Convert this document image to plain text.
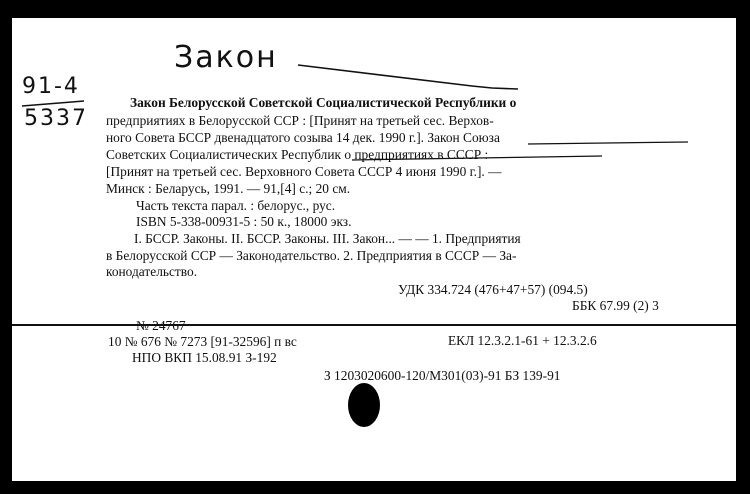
Закон
91-4
5337
Закон Белорусской Советской Социалистической Республики о
предприятиях в Белорусской ССР : [Принят на третьей сес. Верхов-
ного Совета БССР двенадцатого созыва 14 дек. 1990 г.]. Закон Союза
Советских Социалистических Республик о предприятиях в СССР :
[Принят на третьей сес. Верховного Совета СССР 4 июня 1990 г.]. —
Минск : Беларусь, 1991. — 91,[4] с.; 20 см.
Часть текста парал. : белорус., рус.
ISBN 5-338-00931-5 : 50 к., 18000 экз.
I. БССР. Законы. II. БССР. Законы. III. Закон... — — 1. Предприятия
в Белорусской ССР — Законодательство. 2. Предприятия в СССР — За-
конодательство.
УДК 334.724 (476+47+57) (094.5)
ББК 67.99 (2) 3
№ 24767
10 № 676 № 7273 [91-32596] п вс	ЕКЛ 12.3.2.1-61 + 12.3.2.6
НПО ВКП 15.08.91 З-192
З 1203020600-120/М301(03)-91 БЗ 139-91
